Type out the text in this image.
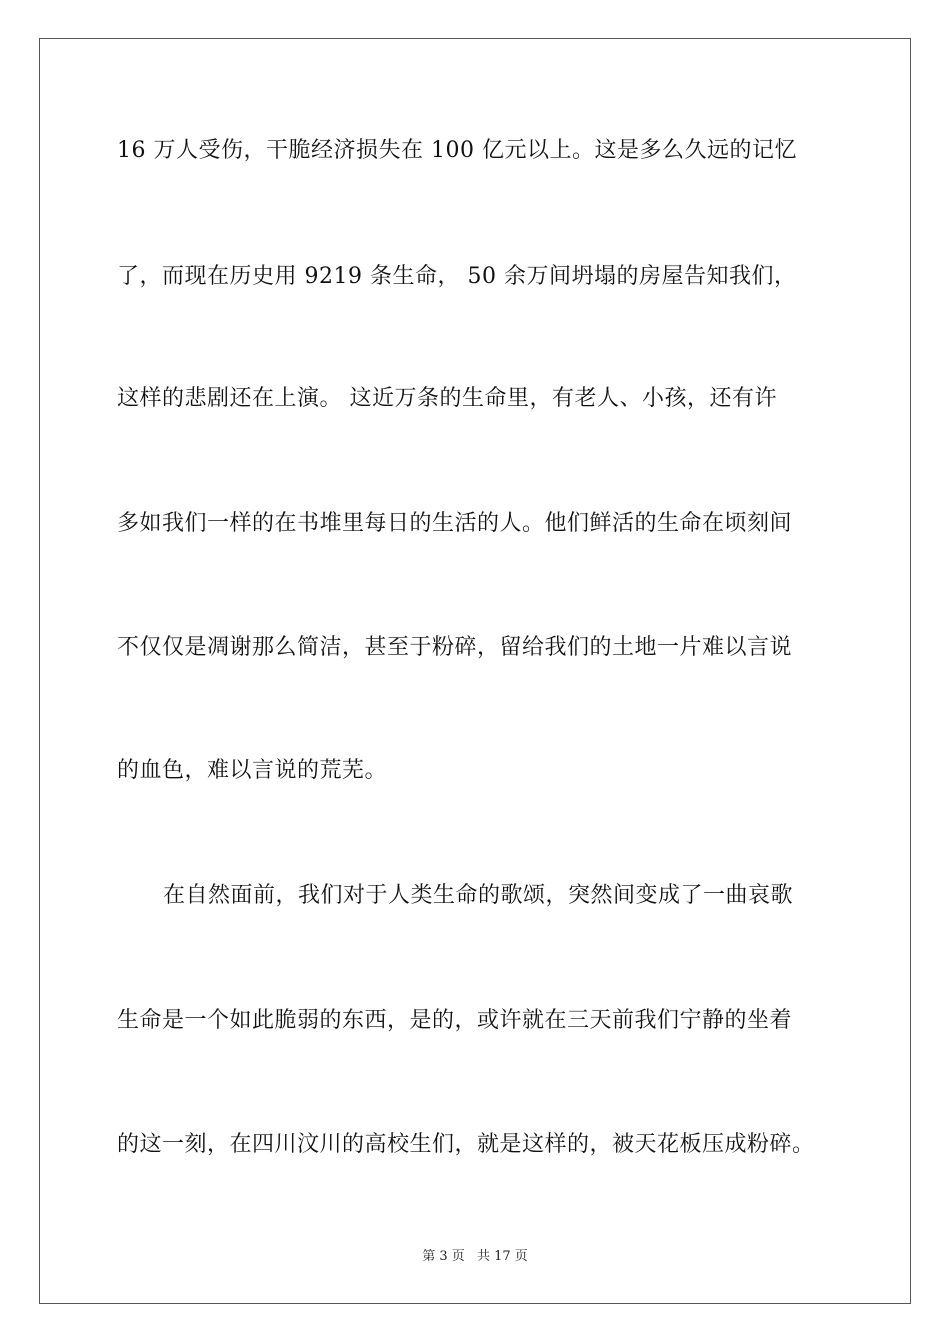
16 万人受伤，干脆经济损失在 100 亿元以上。这是多么久远的记忆
了，而现在历史用 9219 条生命， 50 余万间坍塌的房屋告知我们，
这样的悲剧还在上演。 这近万条的生命里，有老人、小孩，还有许
多如我们一样的在书堆里每日的生活的人。他们鲜活的生命在顷刻间
不仅仅是凋谢那么简洁，甚至于粉碎，留给我们的土地一片难以言说
的血色，难以言说的荒芜。
在自然面前，我们对于人类生命的歌颂，突然间变成了一曲哀歌
生命是一个如此脆弱的东西，是的，或许就在三天前我们宁静的坐着
的这一刻，在四川汶川的高校生们，就是这样的，被天花板压成粉碎。
第 3 页 共 17 页
